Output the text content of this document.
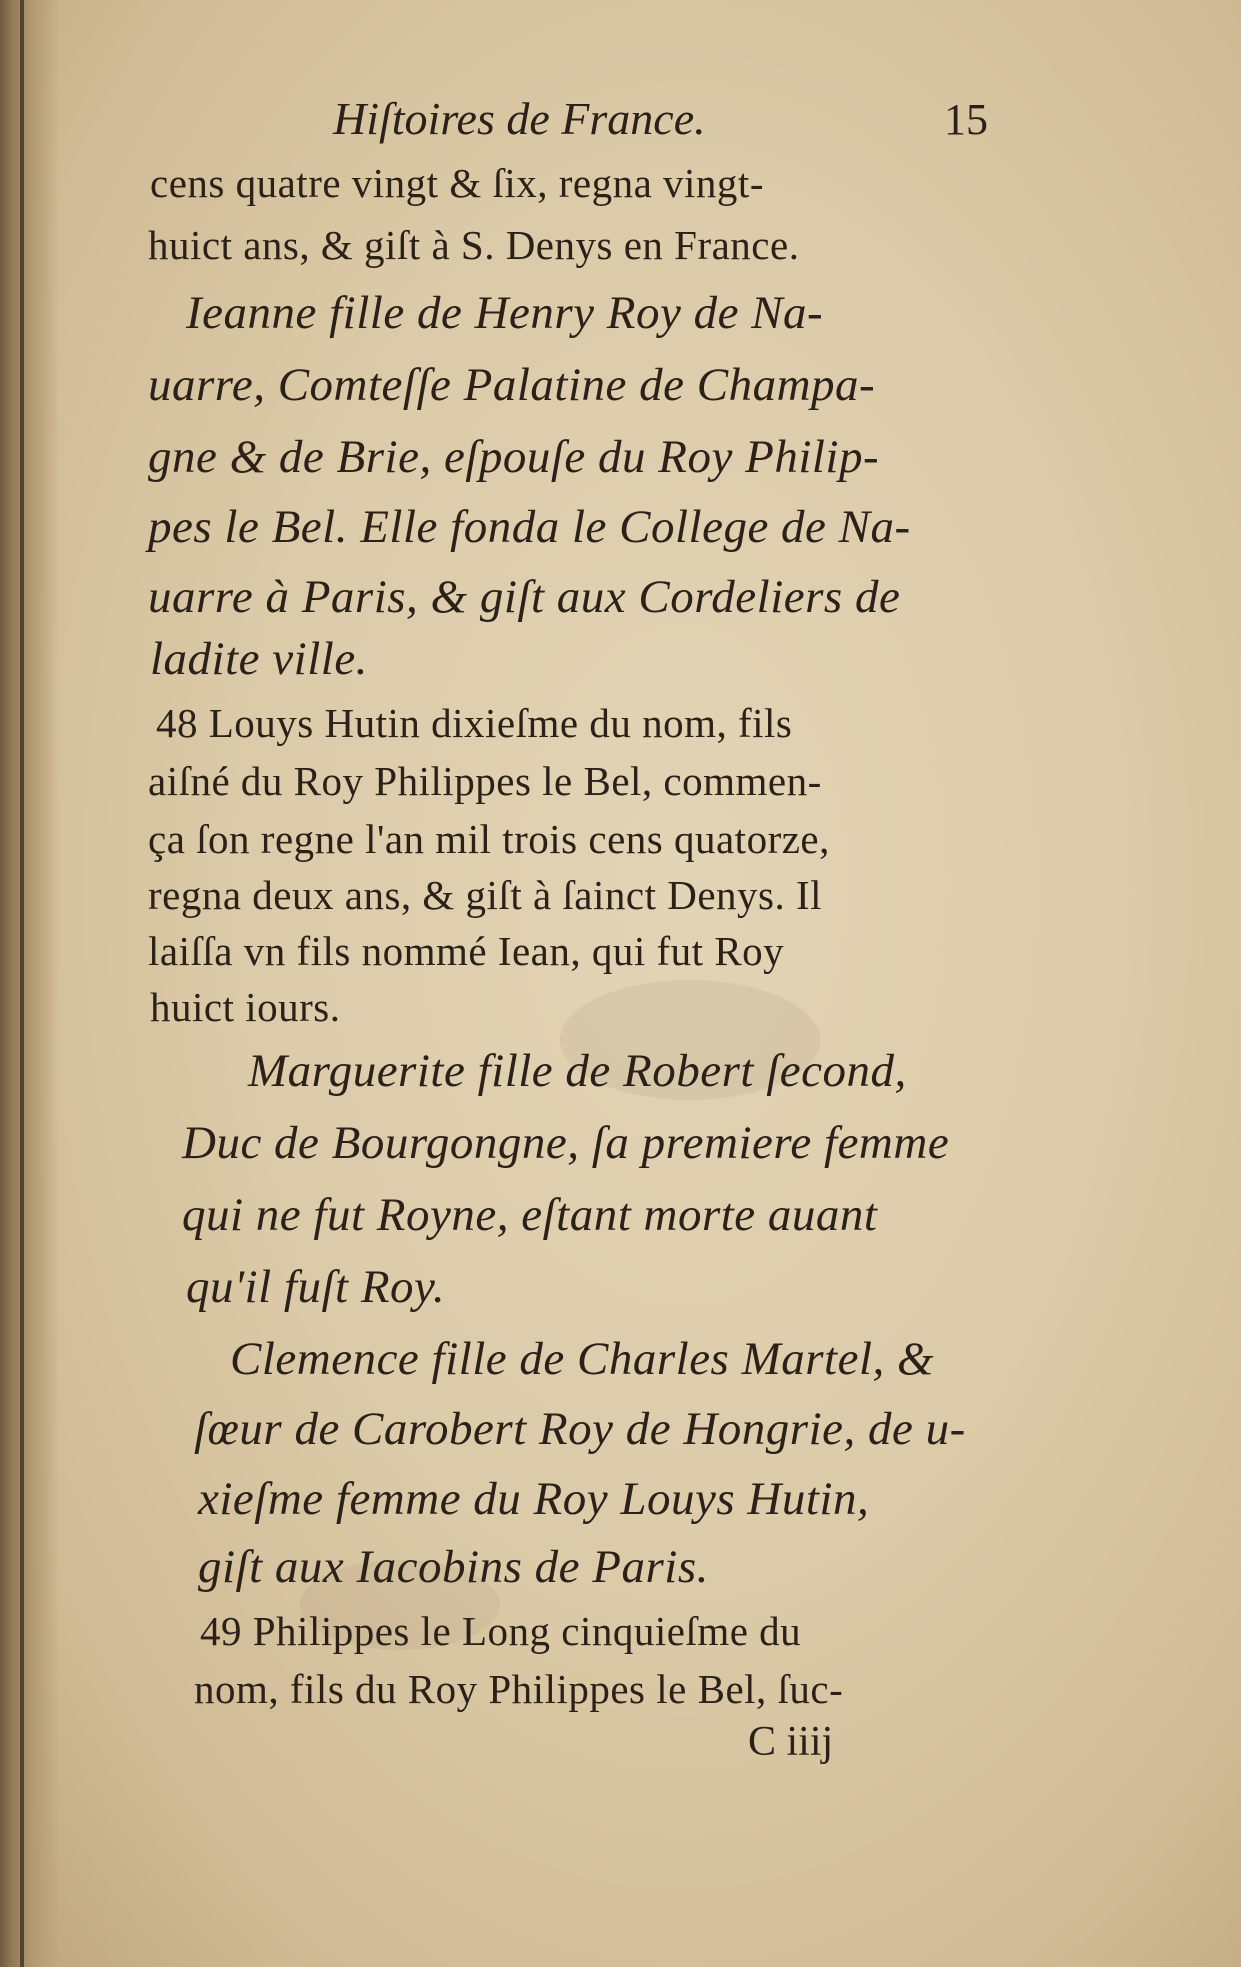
Hiſtoires de France.	15
cens quatre vingt & ſix, regna vingt-
huict ans, & giſt à S. Denys en France.
Ieanne fille de Henry Roy de Na-
uarre, Comteſſe Palatine de Champa-
gne & de Brie, eſpouſe du Roy Philip-
pes le Bel. Elle fonda le College de Na-
uarre à Paris, & giſt aux Cordeliers de
ladite ville.
48 Louys Hutin dixieſme du nom, fils
aiſné du Roy Philippes le Bel, commen-
ça ſon regne l'an mil trois cens quatorze,
regna deux ans, & giſt à ſainct Denys. Il
laiſſa vn fils nommé Iean, qui fut Roy
huict iours.
Marguerite fille de Robert ſecond,
Duc de Bourgongne, ſa premiere femme
qui ne fut Royne, eſtant morte auant
qu'il fuſt Roy.
Clemence fille de Charles Martel, &
ſœur de Carobert Roy de Hongrie, de u-
xieſme femme du Roy Louys Hutin,
giſt aux Iacobins de Paris.
49 Philippes le Long cinquieſme du
nom, fils du Roy Philippes le Bel, ſuc-
C iiij
